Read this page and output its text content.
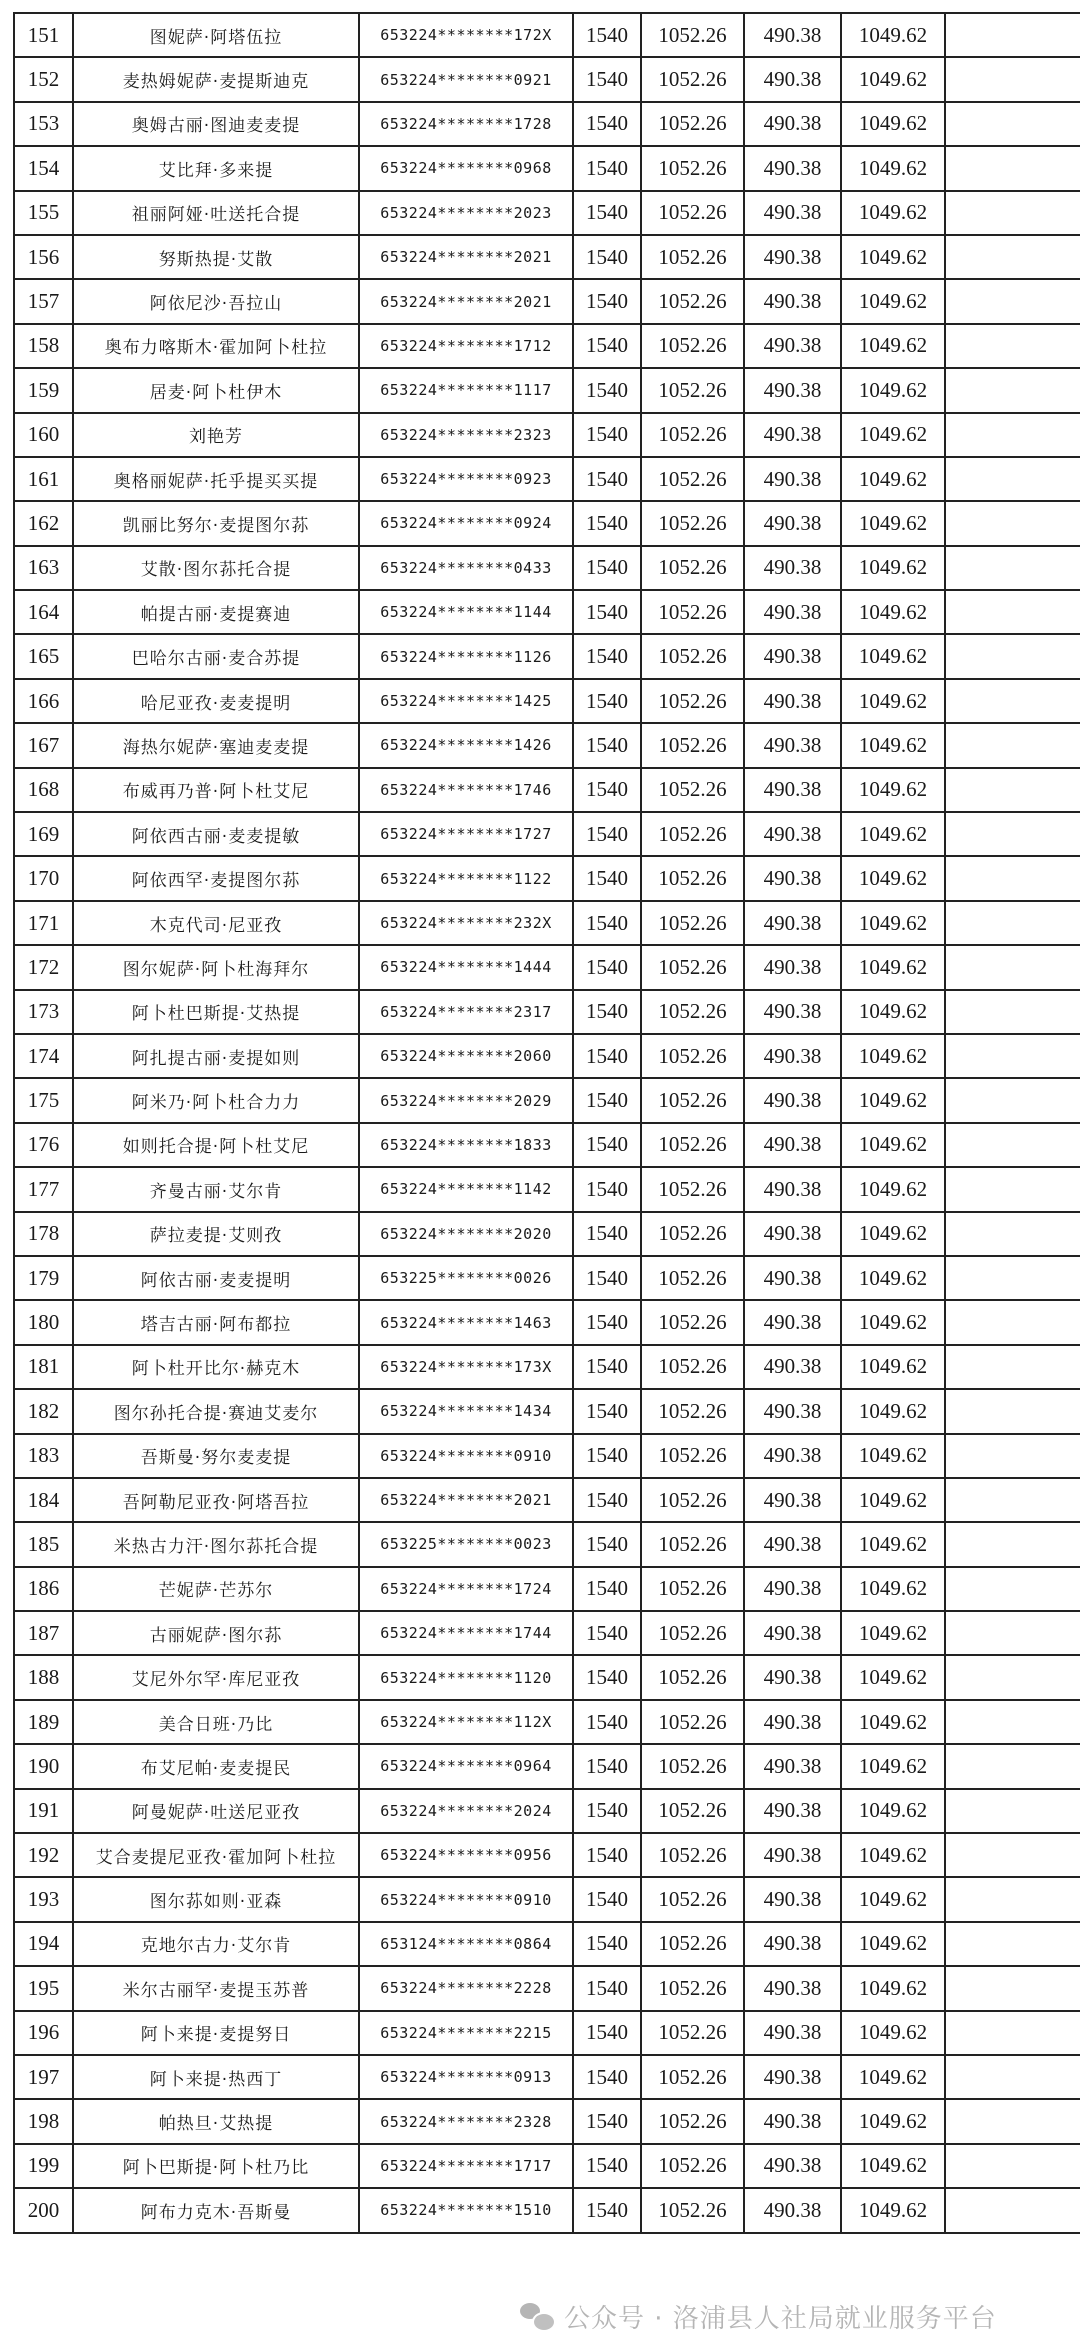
151	图妮萨·阿塔伍拉	653224********172X	1540	1052.26	490.38	1049.62	
152	麦热姆妮萨·麦提斯迪克	653224********0921	1540	1052.26	490.38	1049.62	
153	奥姆古丽·图迪麦麦提	653224********1728	1540	1052.26	490.38	1049.62	
154	艾比拜·多来提	653224********0968	1540	1052.26	490.38	1049.62	
155	祖丽阿娅·吐送托合提	653224********2023	1540	1052.26	490.38	1049.62	
156	努斯热提·艾散	653224********2021	1540	1052.26	490.38	1049.62	
157	阿依尼沙·吾拉山	653224********2021	1540	1052.26	490.38	1049.62	
158	奥布力喀斯木·霍加阿卜杜拉	653224********1712	1540	1052.26	490.38	1049.62	
159	居麦·阿卜杜伊木	653224********1117	1540	1052.26	490.38	1049.62	
160	刘艳芳	653224********2323	1540	1052.26	490.38	1049.62	
161	奥格丽妮萨·托乎提买买提	653224********0923	1540	1052.26	490.38	1049.62	
162	凯丽比努尔·麦提图尔荪	653224********0924	1540	1052.26	490.38	1049.62	
163	艾散·图尔荪托合提	653224********0433	1540	1052.26	490.38	1049.62	
164	帕提古丽·麦提赛迪	653224********1144	1540	1052.26	490.38	1049.62	
165	巴哈尔古丽·麦合苏提	653224********1126	1540	1052.26	490.38	1049.62	
166	哈尼亚孜·麦麦提明	653224********1425	1540	1052.26	490.38	1049.62	
167	海热尔妮萨·塞迪麦麦提	653224********1426	1540	1052.26	490.38	1049.62	
168	布威再乃普·阿卜杜艾尼	653224********1746	1540	1052.26	490.38	1049.62	
169	阿依西古丽·麦麦提敏	653224********1727	1540	1052.26	490.38	1049.62	
170	阿依西罕·麦提图尔荪	653224********1122	1540	1052.26	490.38	1049.62	
171	木克代司·尼亚孜	653224********232X	1540	1052.26	490.38	1049.62	
172	图尔妮萨·阿卜杜海拜尔	653224********1444	1540	1052.26	490.38	1049.62	
173	阿卜杜巴斯提·艾热提	653224********2317	1540	1052.26	490.38	1049.62	
174	阿扎提古丽·麦提如则	653224********2060	1540	1052.26	490.38	1049.62	
175	阿米乃·阿卜杜合力力	653224********2029	1540	1052.26	490.38	1049.62	
176	如则托合提·阿卜杜艾尼	653224********1833	1540	1052.26	490.38	1049.62	
177	齐曼古丽·艾尔肯	653224********1142	1540	1052.26	490.38	1049.62	
178	萨拉麦提·艾则孜	653224********2020	1540	1052.26	490.38	1049.62	
179	阿依古丽·麦麦提明	653225********0026	1540	1052.26	490.38	1049.62	
180	塔吉古丽·阿布都拉	653224********1463	1540	1052.26	490.38	1049.62	
181	阿卜杜开比尔·赫克木	653224********173X	1540	1052.26	490.38	1049.62	
182	图尔孙托合提·赛迪艾麦尔	653224********1434	1540	1052.26	490.38	1049.62	
183	吾斯曼·努尔麦麦提	653224********0910	1540	1052.26	490.38	1049.62	
184	吾阿勒尼亚孜·阿塔吾拉	653224********2021	1540	1052.26	490.38	1049.62	
185	米热古力汗·图尔荪托合提	653225********0023	1540	1052.26	490.38	1049.62	
186	芒妮萨·芒苏尔	653224********1724	1540	1052.26	490.38	1049.62	
187	古丽妮萨·图尔荪	653224********1744	1540	1052.26	490.38	1049.62	
188	艾尼外尔罕·库尼亚孜	653224********1120	1540	1052.26	490.38	1049.62	
189	美合日班·乃比	653224********112X	1540	1052.26	490.38	1049.62	
190	布艾尼帕·麦麦提民	653224********0964	1540	1052.26	490.38	1049.62	
191	阿曼妮萨·吐送尼亚孜	653224********2024	1540	1052.26	490.38	1049.62	
192	艾合麦提尼亚孜·霍加阿卜杜拉	653224********0956	1540	1052.26	490.38	1049.62	
193	图尔荪如则·亚森	653224********0910	1540	1052.26	490.38	1049.62	
194	克地尔古力·艾尔肯	653124********0864	1540	1052.26	490.38	1049.62	
195	米尔古丽罕·麦提玉苏普	653224********2228	1540	1052.26	490.38	1049.62	
196	阿卜来提·麦提努日	653224********2215	1540	1052.26	490.38	1049.62	
197	阿卜来提·热西丁	653224********0913	1540	1052.26	490.38	1049.62	
198	帕热旦·艾热提	653224********2328	1540	1052.26	490.38	1049.62	
199	阿卜巴斯提·阿卜杜乃比	653224********1717	1540	1052.26	490.38	1049.62	
200	阿布力克木·吾斯曼	653224********1510	1540	1052.26	490.38	1049.62	
公众号 · 洛浦县人社局就业服务平台
